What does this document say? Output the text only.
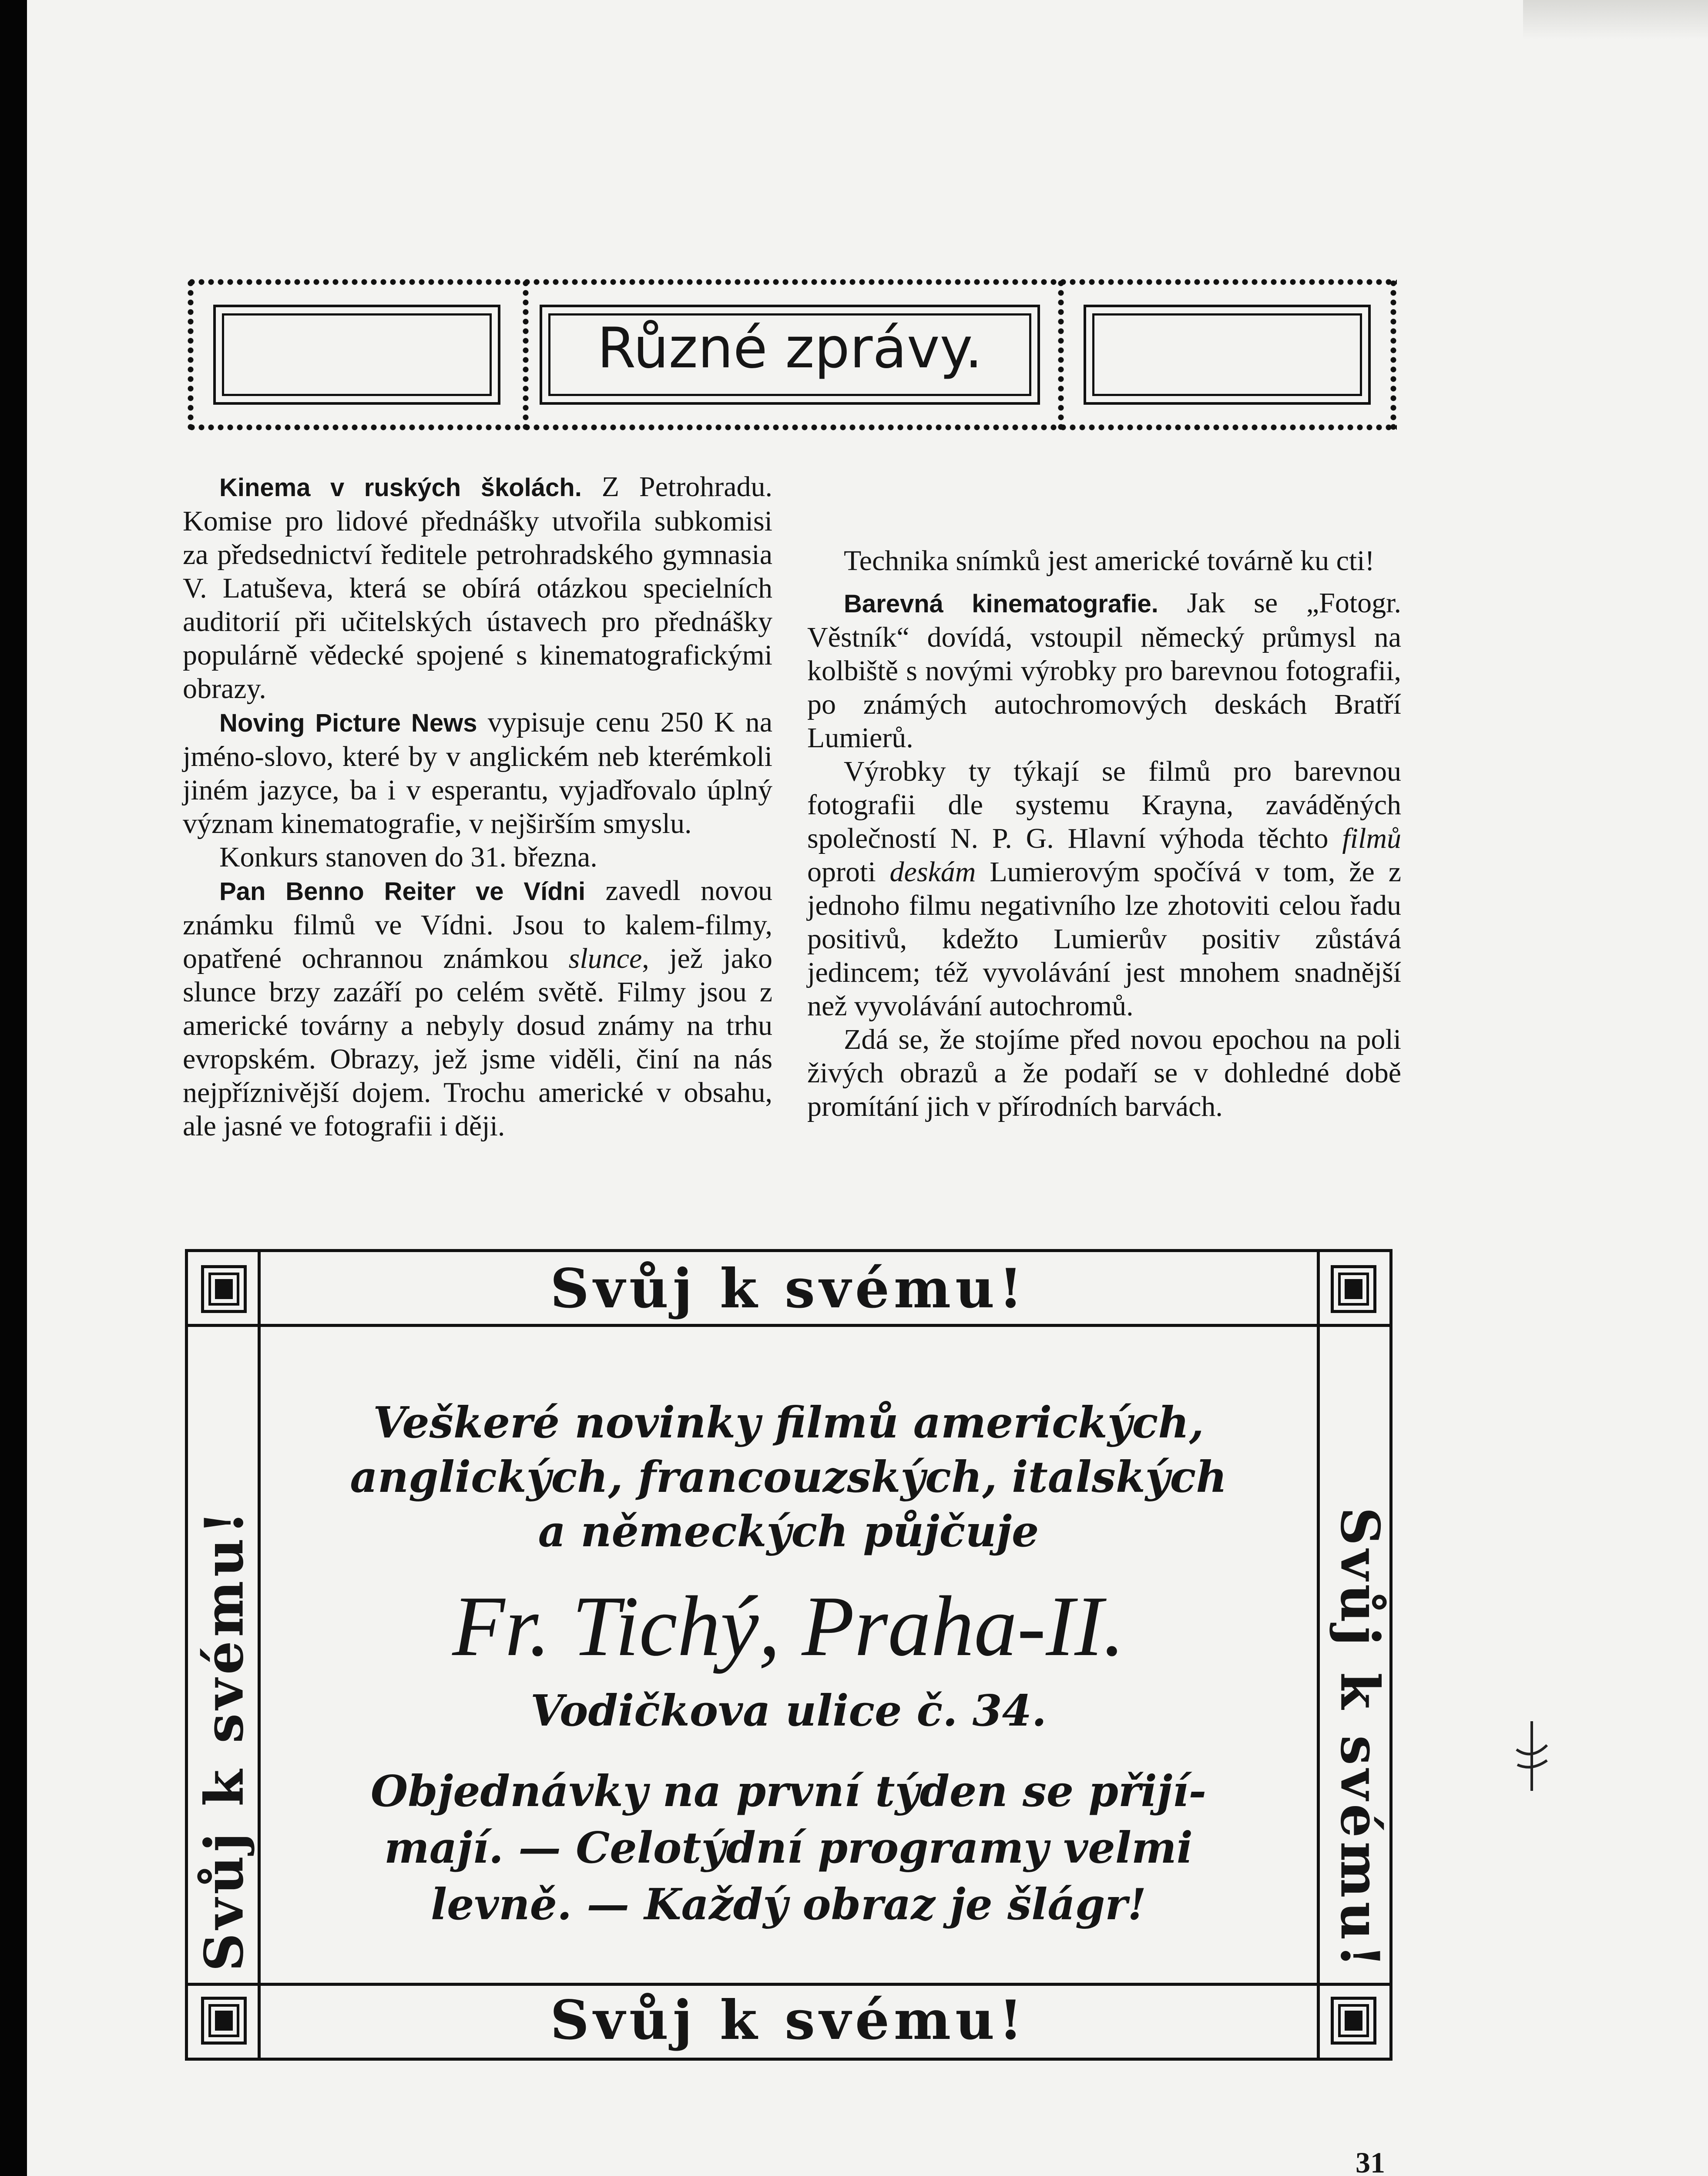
Různé zprávy.

Kinema v ruských školách. Z Petrohradu. Komise pro lidové přednášky utvořila subkomisi za předsednictví ředitele petrohradského gymnasia V. Latuševa, která se obírá otázkou specielních auditorií při učitelských ústavech pro přednášky populárně vědecké spojené s kinematografickými obrazy.

Noving Picture News vypisuje cenu 250 K na jméno-slovo, které by v anglickém neb kterémkoli jiném jazyce, ba i v esperantu, vyjadřovalo úplný význam kinematografie, v nejširším smyslu.

Konkurs stanoven do 31. března.

Pan Benno Reiter ve Vídni zavedl novou známku filmů ve Vídni. Jsou to kalem-filmy, opatřené ochrannou známkou slunce, jež jako slunce brzy zazáří po celém světě. Filmy jsou z americké továrny a nebyly dosud známy na trhu evropském. Obrazy, jež jsme viděli, činí na nás nejpříznivější dojem. Trochu americké v obsahu, ale jasné ve fotografii i ději.

Technika snímků jest americké továrně ku cti!

Barevná kinematografie. Jak se „Fotogr. Věstník“ dovídá, vstoupil německý průmysl na kolbiště s novými výrobky pro barevnou fotografii, po známých autochromových deskách Bratří Lumierů.

Výrobky ty týkají se filmů pro barevnou fotografii dle systemu Krayna, zaváděných společností N. P. G. Hlavní výhoda těchto filmů oproti deskám Lumierovým spočívá v tom, že z jednoho filmu negativního lze zhotoviti celou řadu positivů, kdežto Lumierův positiv zůstává jedincem; též vyvolávání jest mnohem snadnější než vyvolávání autochromů.

Zdá se, že stojíme před novou epochou na poli živých obrazů a že podaří se v dohledné době promítání jich v přírodních barvách.

Svůj k svému!
Svůj k svému!
Svůj k svému!	Svůj k svému!
Veškeré novinky filmů amerických,
anglických, francouzských, italských
a německých půjčuje
Fr. Tichý, Praha-II.
Vodičkova ulice č. 34.
Objednávky na první týden se přijí-
mají. — Celotýdní programy velmi
levně. — Každý obraz je šlágr!
31
